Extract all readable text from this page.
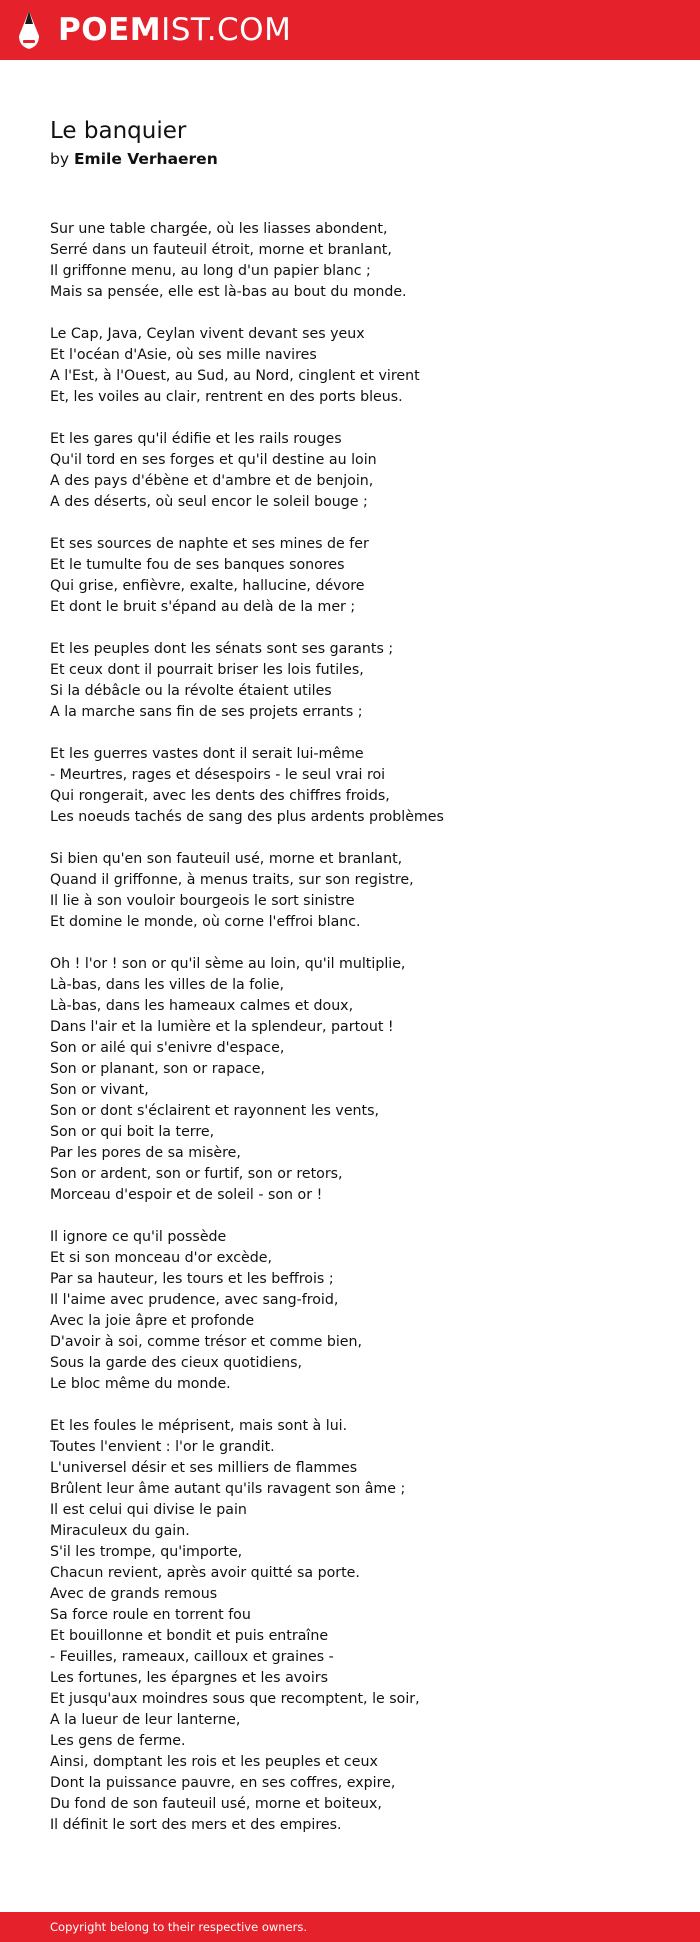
POEMIST.COM
Le banquier
by Emile Verhaeren
Sur une table chargée, où les liasses abondent,
Serré dans un fauteuil étroit, morne et branlant,
Il griffonne menu, au long d'un papier blanc ;
Mais sa pensée, elle est là-bas au bout du monde.
Le Cap, Java, Ceylan vivent devant ses yeux
Et l'océan d'Asie, où ses mille navires
A l'Est, à l'Ouest, au Sud, au Nord, cinglent et virent
Et, les voiles au clair, rentrent en des ports bleus.
Et les gares qu'il édifie et les rails rouges
Qu'il tord en ses forges et qu'il destine au loin
A des pays d'ébène et d'ambre et de benjoin,
A des déserts, où seul encor le soleil bouge ;
Et ses sources de naphte et ses mines de fer
Et le tumulte fou de ses banques sonores
Qui grise, enfièvre, exalte, hallucine, dévore
Et dont le bruit s'épand au delà de la mer ;
Et les peuples dont les sénats sont ses garants ;
Et ceux dont il pourrait briser les lois futiles,
Si la débâcle ou la révolte étaient utiles
A la marche sans fin de ses projets errants ;
Et les guerres vastes dont il serait lui-même
- Meurtres, rages et désespoirs - le seul vrai roi
Qui rongerait, avec les dents des chiffres froids,
Les noeuds tachés de sang des plus ardents problèmes
Si bien qu'en son fauteuil usé, morne et branlant,
Quand il griffonne, à menus traits, sur son registre,
Il lie à son vouloir bourgeois le sort sinistre
Et domine le monde, où corne l'effroi blanc.
Oh ! l'or ! son or qu'il sème au loin, qu'il multiplie,
Là-bas, dans les villes de la folie,
Là-bas, dans les hameaux calmes et doux,
Dans l'air et la lumière et la splendeur, partout !
Son or ailé qui s'enivre d'espace,
Son or planant, son or rapace,
Son or vivant,
Son or dont s'éclairent et rayonnent les vents,
Son or qui boit la terre,
Par les pores de sa misère,
Son or ardent, son or furtif, son or retors,
Morceau d'espoir et de soleil - son or !
Il ignore ce qu'il possède
Et si son monceau d'or excède,
Par sa hauteur, les tours et les beffrois ;
Il l'aime avec prudence, avec sang-froid,
Avec la joie âpre et profonde
D'avoir à soi, comme trésor et comme bien,
Sous la garde des cieux quotidiens,
Le bloc même du monde.
Et les foules le méprisent, mais sont à lui.
Toutes l'envient : l'or le grandit.
L'universel désir et ses milliers de flammes
Brûlent leur âme autant qu'ils ravagent son âme ;
Il est celui qui divise le pain
Miraculeux du gain.
S'il les trompe, qu'importe,
Chacun revient, après avoir quitté sa porte.
Avec de grands remous
Sa force roule en torrent fou
Et bouillonne et bondit et puis entraîne
- Feuilles, rameaux, cailloux et graines -
Les fortunes, les épargnes et les avoirs
Et jusqu'aux moindres sous que recomptent, le soir,
A la lueur de leur lanterne,
Les gens de ferme.
Ainsi, domptant les rois et les peuples et ceux
Dont la puissance pauvre, en ses coffres, expire,
Du fond de son fauteuil usé, morne et boiteux,
Il définit le sort des mers et des empires.
Copyright belong to their respective owners.
